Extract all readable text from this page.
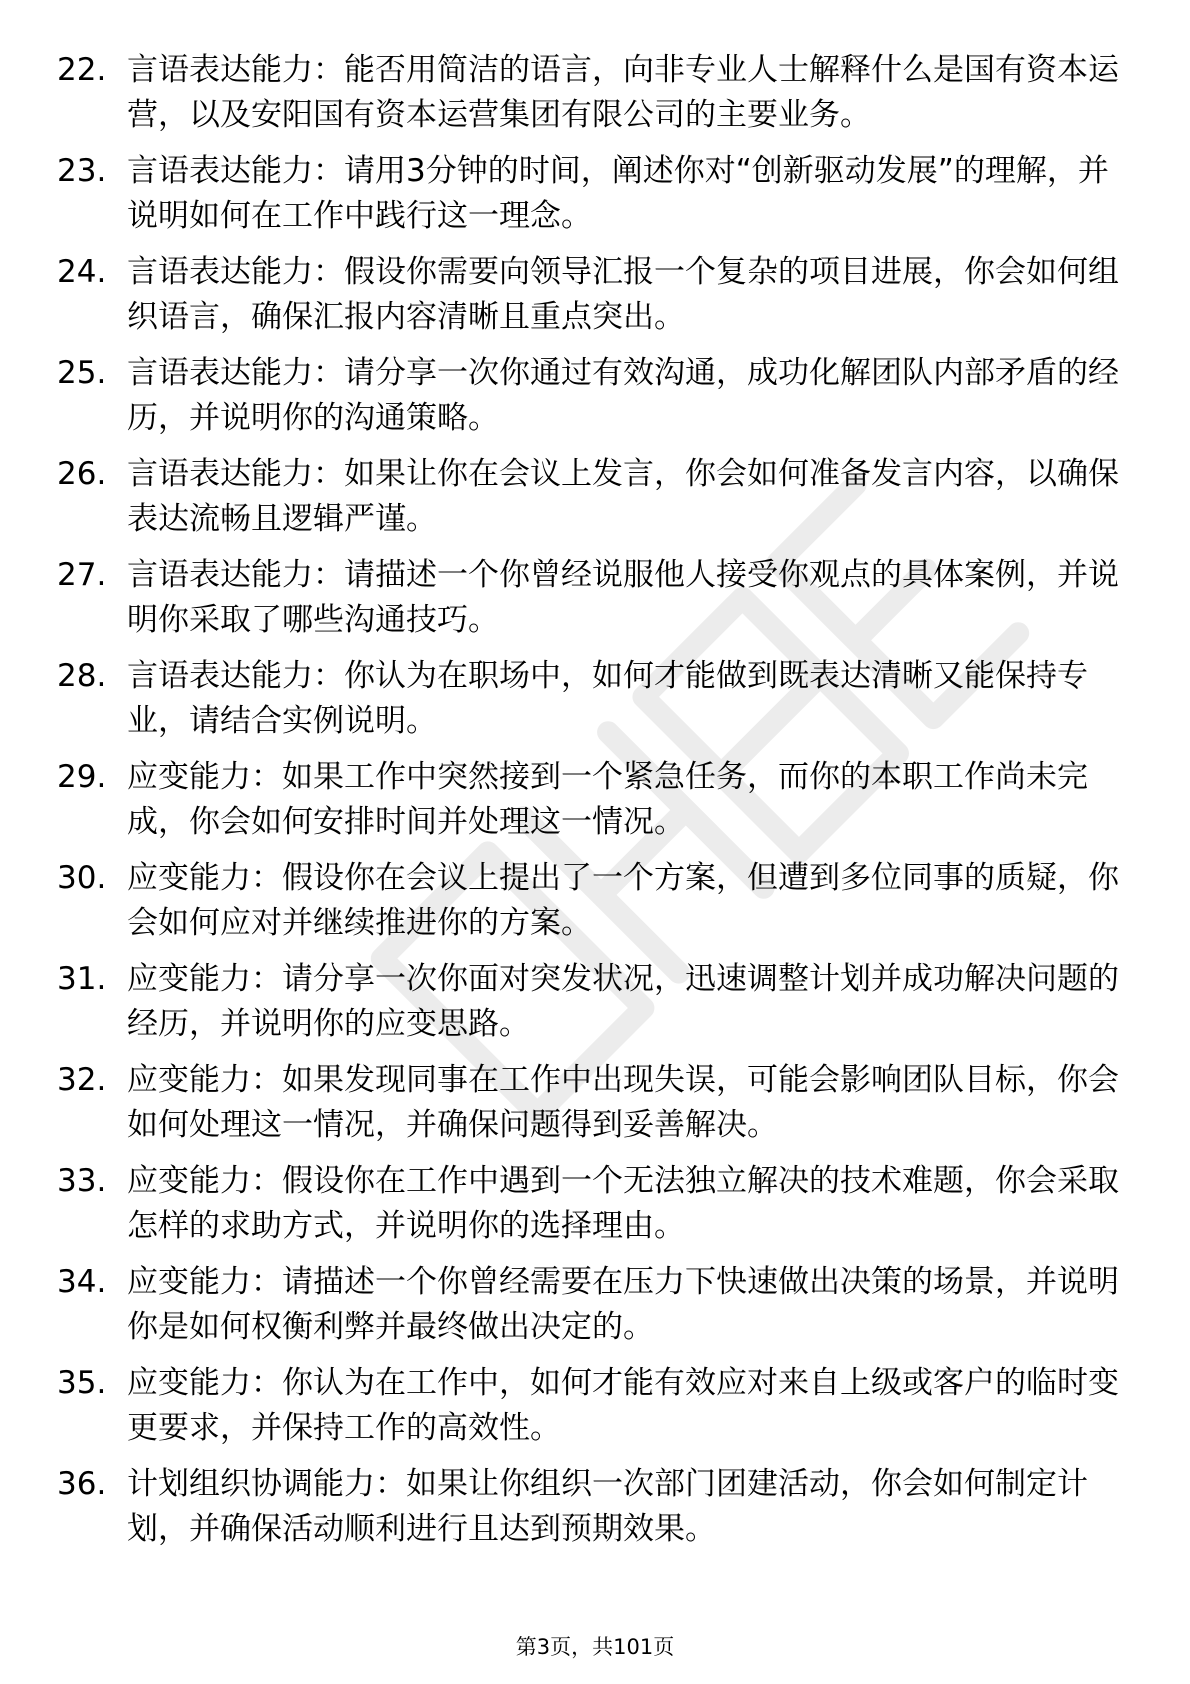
22. 言语表达能力：能否用简洁的语言，向非专业人士解释什么是国有资本运营，以及安阳国有资本运营集团有限公司的主要业务。
23. 言语表达能力：请用3分钟的时间，阐述你对“创新驱动发展”的理解，并说明如何在工作中践行这一理念。
24. 言语表达能力：假设你需要向领导汇报一个复杂的项目进展，你会如何组织语言，确保汇报内容清晰且重点突出。
25. 言语表达能力：请分享一次你通过有效沟通，成功化解团队内部矛盾的经历，并说明你的沟通策略。
26. 言语表达能力：如果让你在会议上发言，你会如何准备发言内容，以确保表达流畅且逻辑严谨。
27. 言语表达能力：请描述一个你曾经说服他人接受你观点的具体案例，并说明你采取了哪些沟通技巧。
28. 言语表达能力：你认为在职场中，如何才能做到既表达清晰又能保持专业，请结合实例说明。
29. 应变能力：如果工作中突然接到一个紧急任务，而你的本职工作尚未完成，你会如何安排时间并处理这一情况。
30. 应变能力：假设你在会议上提出了一个方案，但遭到多位同事的质疑，你会如何应对并继续推进你的方案。
31. 应变能力：请分享一次你面对突发状况，迅速调整计划并成功解决问题的经历，并说明你的应变思路。
32. 应变能力：如果发现同事在工作中出现失误，可能会影响团队目标，你会如何处理这一情况，并确保问题得到妥善解决。
33. 应变能力：假设你在工作中遇到一个无法独立解决的技术难题，你会采取怎样的求助方式，并说明你的选择理由。
34. 应变能力：请描述一个你曾经需要在压力下快速做出决策的场景，并说明你是如何权衡利弊并最终做出决定的。
35. 应变能力：你认为在工作中，如何才能有效应对来自上级或客户的临时变更要求，并保持工作的高效性。
36. 计划组织协调能力：如果让你组织一次部门团建活动，你会如何制定计划，并确保活动顺利进行且达到预期效果。
第3页，共101页
